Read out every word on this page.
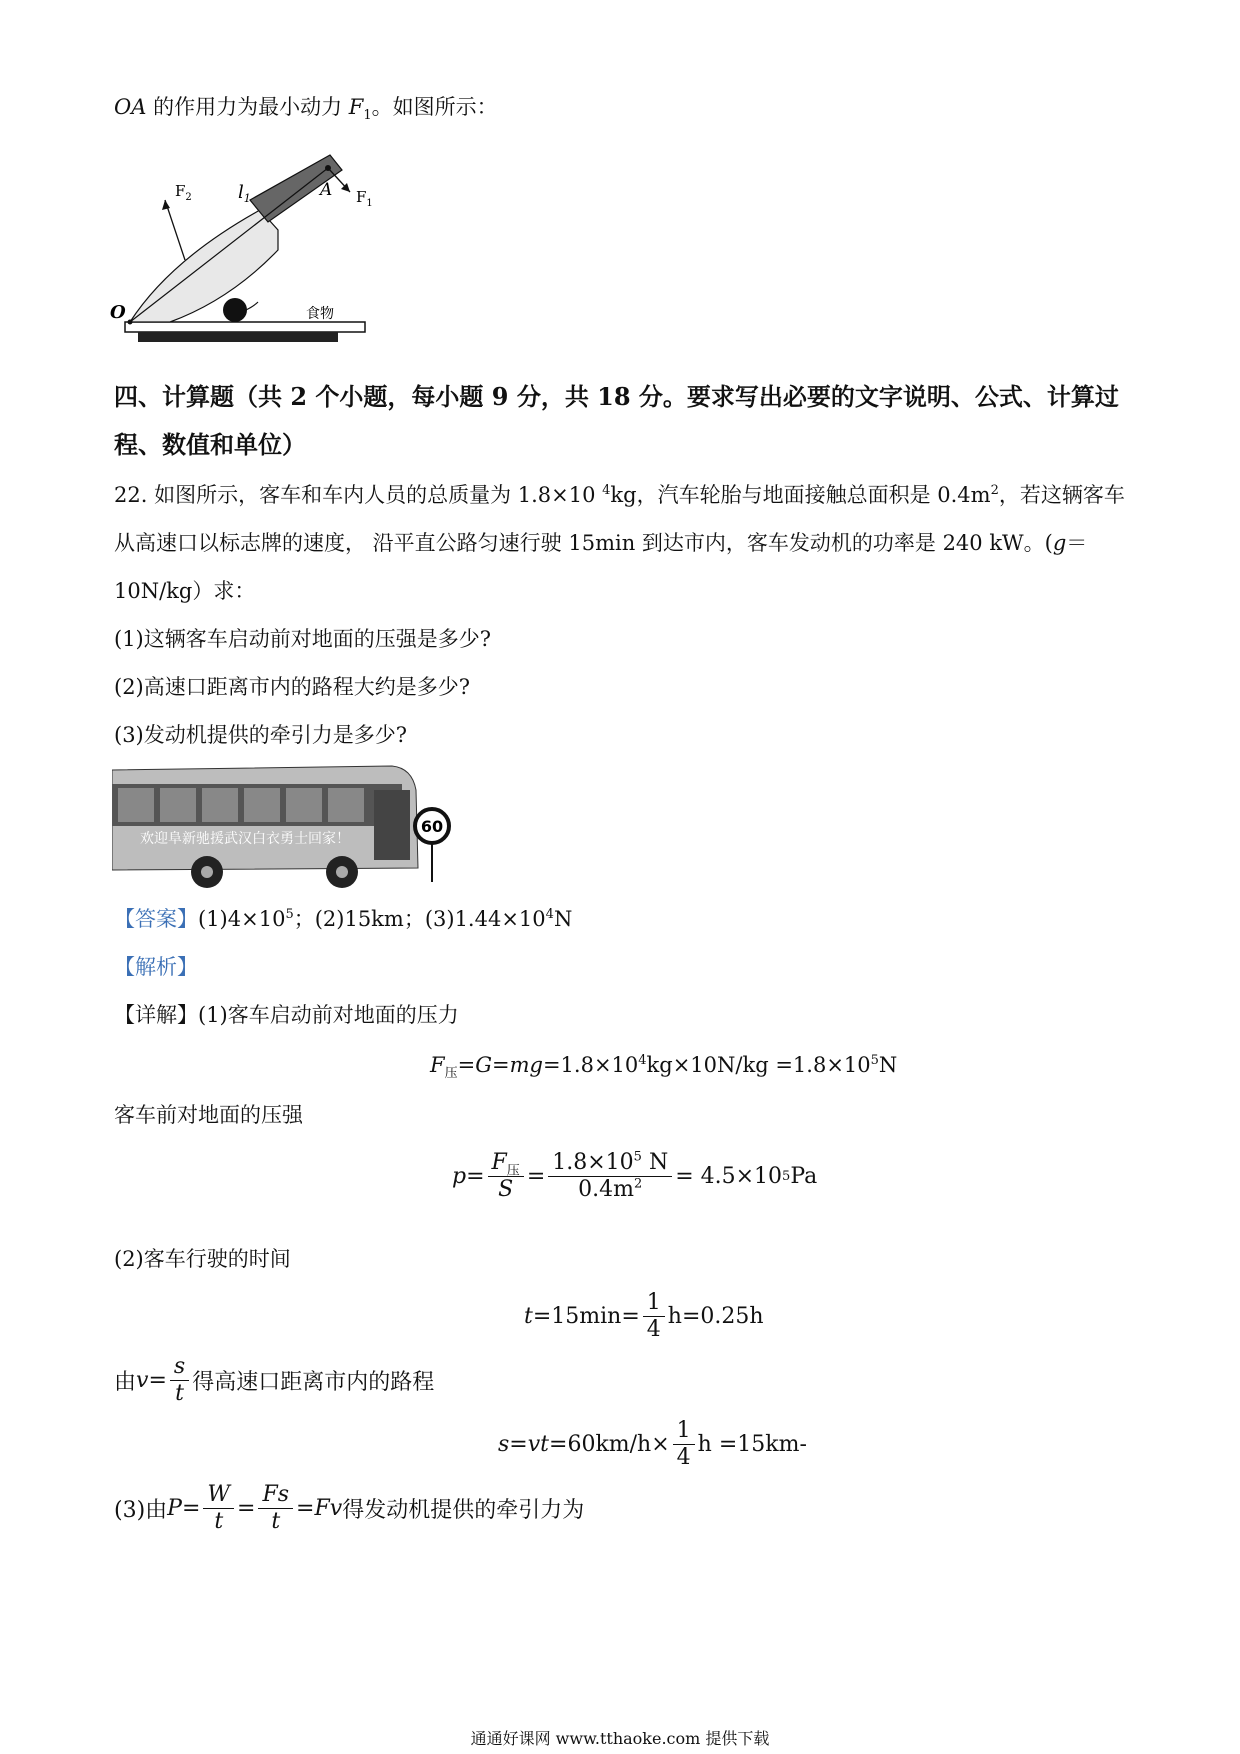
OA 的作用力为最小动力 $F_1$。如图所示：
$l_1$
$F_2$	A $F_1$
O	食物
四、计算题（共 2 个小题，每小题 9 分，共 18 分。要求写出必要的文字说明、公式、计算过
程、数值和单位）
22. 如图所示，客车和车内人员的总质量为 1.8×10 $^4$kg，汽车轮胎与地面接触总面积是 $0.4m^2$，若这辆客车
从高速口以标志牌的速度， 沿平直公路匀速行驶 15min 到达市内，客车发动机的功率是 240 kW。(g＝
10N/kg）求：
(1)这辆客车启动前对地面的压强是多少?
(2)高速口距离市内的路程大约是多少?
(3)发动机提供的牵引力是多少?
欢迎阜新驰援武汉白衣勇士回家！
60
【答案】$(1)4\times 10^5$；(2)15km；$(3)1.44\times 10^4N$
【解析】
【详解】(1)客车启动前对地面的压力
$F_压=G=mg=1.8\times 10^4kg\times 10N/kg =1.8\times 10^5N$
客车前对地面的压强
$p = \frac{F_压}{S} = \frac{1.8\times 10^5 N}{0.4m^2} = 4.5\times 10$ 5 Pa
(2)客车行驶的时间
$t =15\min= \frac{1}{4} h=0.25h$
由 $v = \frac{s}{t}$ 得高速口距离市内的路程
s = vt $=60km/h\times \frac{1}{4}$ h =15km-
(3)由 $P = \frac{W}{t} = \frac{Fs}{t} = Fv$ 得发动机提供的牵引力为
通通好课网 www.tthaoke.com 提供下载
